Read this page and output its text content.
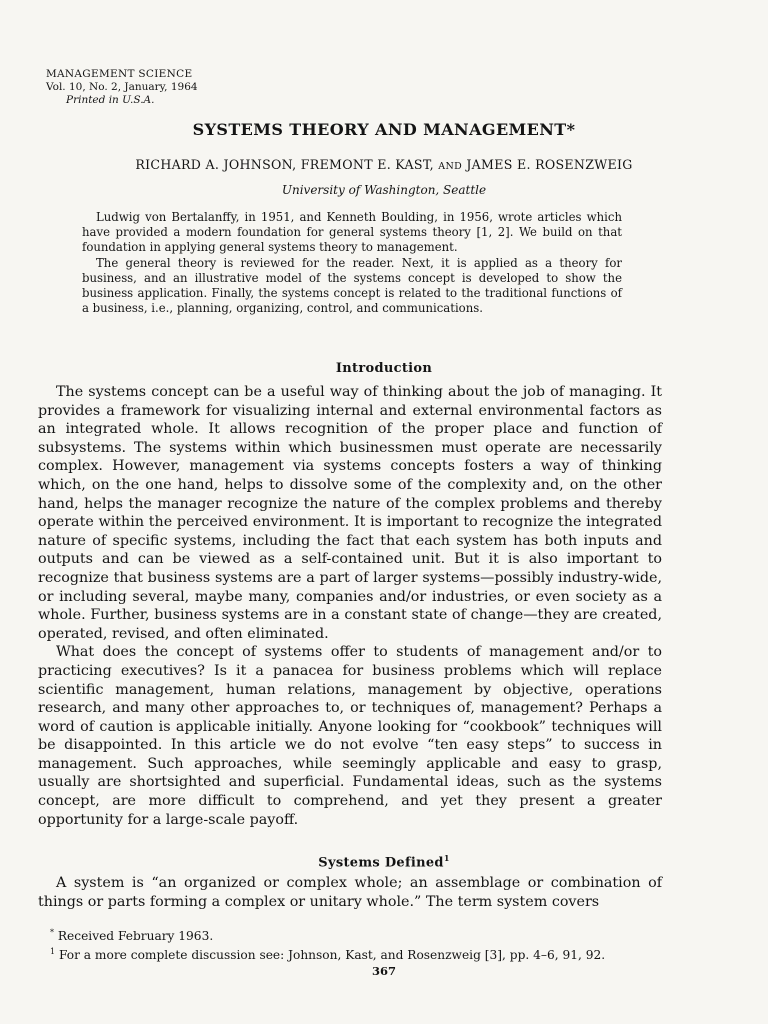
MANAGEMENT SCIENCE
Vol. 10, No. 2, January, 1964
Printed in U.S.A.
SYSTEMS THEORY AND MANAGEMENT*
RICHARD A. JOHNSON, FREMONT E. KAST, AND JAMES E. ROSENZWEIG
University of Washington, Seattle

Ludwig von Bertalanffy, in 1951, and Kenneth Boulding, in 1956, wrote articles which have provided a modern foundation for general systems theory [1, 2]. We build on that foundation in applying general systems theory to management.

The general theory is reviewed for the reader. Next, it is applied as a theory for business, and an illustrative model of the systems concept is developed to show the business application. Finally, the systems concept is related to the traditional functions of a business, i.e., planning, organizing, control, and communications.

Introduction

The systems concept can be a useful way of thinking about the job of managing. It provides a framework for visualizing internal and external environmental factors as an integrated whole. It allows recognition of the proper place and function of subsystems. The systems within which businessmen must operate are necessarily complex. However, management via systems concepts fosters a way of thinking which, on the one hand, helps to dissolve some of the complexity and, on the other hand, helps the manager recognize the nature of the complex problems and thereby operate within the perceived environment. It is important to recognize the integrated nature of specific systems, including the fact that each system has both inputs and outputs and can be viewed as a self-contained unit. But it is also important to recognize that business systems are a part of larger systems—possibly industry-wide, or including several, maybe many, companies and/or industries, or even society as a whole. Further, business systems are in a constant state of change—they are created, operated, revised, and often eliminated.

What does the concept of systems offer to students of management and/or to practicing executives? Is it a panacea for business problems which will replace scientific management, human relations, management by objective, operations research, and many other approaches to, or techniques of, management? Perhaps a word of caution is applicable initially. Anyone looking for “cookbook” techniques will be disappointed. In this article we do not evolve “ten easy steps” to success in management. Such approaches, while seemingly applicable and easy to grasp, usually are shortsighted and superficial. Fundamental ideas, such as the systems concept, are more difficult to comprehend, and yet they present a greater opportunity for a large-scale payoff.

Systems Defined$^1$

A system is “an organized or complex whole; an assemblage or combination of things or parts forming a complex or unitary whole.” The term system covers

* Received February 1963.
$^1$ For a more complete discussion see: Johnson, Kast, and Rosenzweig [3], pp. 4–6, 91, 92.
367
